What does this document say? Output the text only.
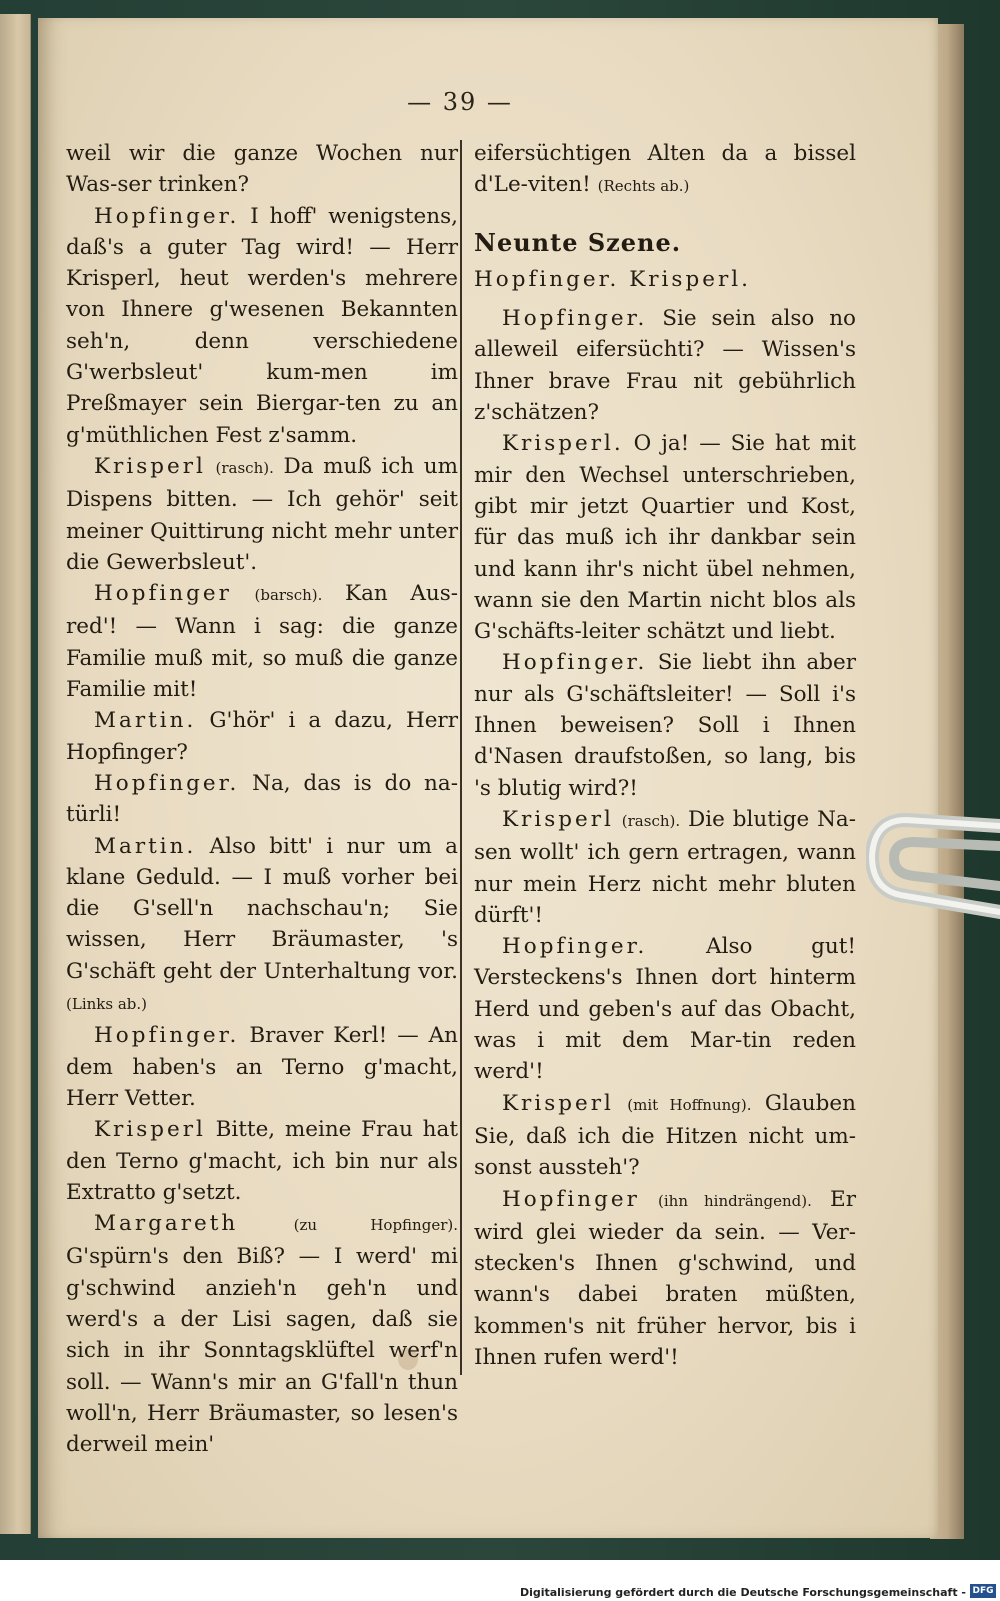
— 39 —

weil wir die ganze Wochen nur Was-ser trinken?

Hopfinger. I hoff' wenigstens, daß's a guter Tag wird! — Herr Krisperl, heut werden's mehrere von Ihnere g'wesenen Bekannten seh'n, denn verschiedene G'werbsleut' kum-men im Preßmayer sein Biergar-ten zu an g'müthlichen Fest z'samm.

Krisperl (rasch). Da muß ich um Dispens bitten. — Ich gehör' seit meiner Quittirung nicht mehr unter die Gewerbsleut'.

Hopfinger (barsch). Kan Aus-red'! — Wann i sag: die ganze Familie muß mit, so muß die ganze Familie mit!

Martin. G'hör' i a dazu, Herr Hopfinger?

Hopfinger. Na, das is do na-türli!

Martin. Also bitt' i nur um a klane Geduld. — I muß vorher bei die G'sell'n nachschau'n; Sie wissen, Herr Bräumaster, 's G'schäft geht der Unterhaltung vor. (Links ab.)

Hopfinger. Braver Kerl! — An dem haben's an Terno g'macht, Herr Vetter.

Krisperl Bitte, meine Frau hat den Terno g'macht, ich bin nur als Extratto g'setzt.

Margareth	(zu Hopfinger). G'spürn's den Biß? — I werd' mi g'schwind anzieh'n geh'n und werd's a der Lisi sagen, daß sie sich in ihr Sonntagsklüftel werf'n soll. — Wann's mir an G'fall'n thun woll'n, Herr Bräumaster, so lesen's derweil mein'

eifersüchtigen Alten da a bissel d'Le-viten! (Rechts ab.)

Neunte Szene.

Hopfinger. Krisperl.

Hopfinger. Sie sein also no alleweil eifersüchti? — Wissen's Ihner brave Frau nit gebührlich z'schätzen?

Krisperl. O ja! — Sie hat mit mir den Wechsel unterschrieben, gibt mir jetzt Quartier und Kost, für das muß ich ihr dankbar sein und kann ihr's nicht übel nehmen, wann sie den Martin nicht blos als G'schäfts-leiter schätzt und liebt.

Hopfinger. Sie liebt ihn aber nur als G'schäftsleiter! — Soll i's Ihnen beweisen? Soll i Ihnen d'Nasen draufstoßen, so lang, bis 's blutig wird?!

Krisperl (rasch). Die blutige Na-sen wollt' ich gern ertragen, wann nur mein Herz nicht mehr bluten dürft'!

Hopfinger.	Also gut! Versteckens's Ihnen dort hinterm Herd und geben's auf das Obacht, was i mit dem Mar-tin reden werd'!

Krisperl (mit Hoffnung). Glauben Sie, daß ich die Hitzen nicht um-sonst aussteh'?

Hopfinger (ihn hindrängend). Er wird glei wieder da sein. — Ver-stecken's Ihnen g'schwind, und wann's dabei braten müßten, kommen's nit früher hervor, bis i Ihnen rufen werd'!

Digitalisierung gefördert durch die Deutsche Forschungsgemeinschaft - DFG
